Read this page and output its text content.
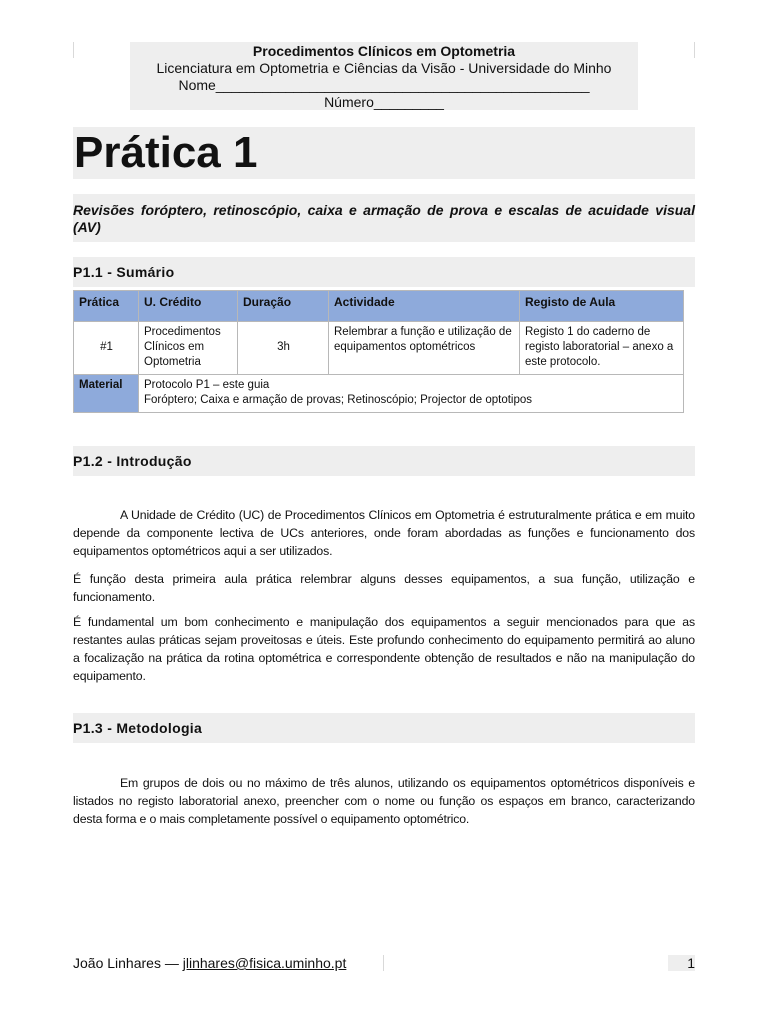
Procedimentos Clínicos em Optometria
Licenciatura em Optometria e Ciências da Visão - Universidade do Minho
Nome________________________________________________
Número_________
Prática 1
Revisões foróptero, retinoscópio, caixa e armação de prova e escalas de acuidade visual (AV)
P1.1 - Sumário
Prática	U. Crédito	Duração	Actividade	Registo de Aula
#1	Procedimentos Clínicos em Optometria	3h	Relembrar a função e utilização de equipamentos optométricos	Registo 1 do caderno de registo laboratorial – anexo a este protocolo.
Material	Protocolo P1 – este guia
Foróptero; Caixa e armação de provas; Retinoscópio; Projector de optotipos			
P1.2 - Introdução
A Unidade de Crédito (UC) de Procedimentos Clínicos em Optometria é estruturalmente prática e em muito depende da componente lectiva de UCs anteriores, onde foram abordadas as funções e funcionamento dos equipamentos optométricos aqui a ser utilizados.
É função desta primeira aula prática relembrar alguns desses equipamentos, a sua função, utilização e funcionamento.
É fundamental um bom conhecimento e manipulação dos equipamentos a seguir mencionados para que as restantes aulas práticas sejam proveitosas e úteis. Este profundo conhecimento do equipamento permitirá ao aluno a focalização na prática da rotina optométrica e correspondente obtenção de resultados e não na manipulação do equipamento.
P1.3 - Metodologia
Em grupos de dois ou no máximo de três alunos, utilizando os equipamentos optométricos disponíveis e listados no registo laboratorial anexo, preencher com o nome ou função os espaços em branco, caracterizando desta forma e o mais completamente possível o equipamento optométrico.
João Linhares — jlinhares@fisica.uminho.pt	1
